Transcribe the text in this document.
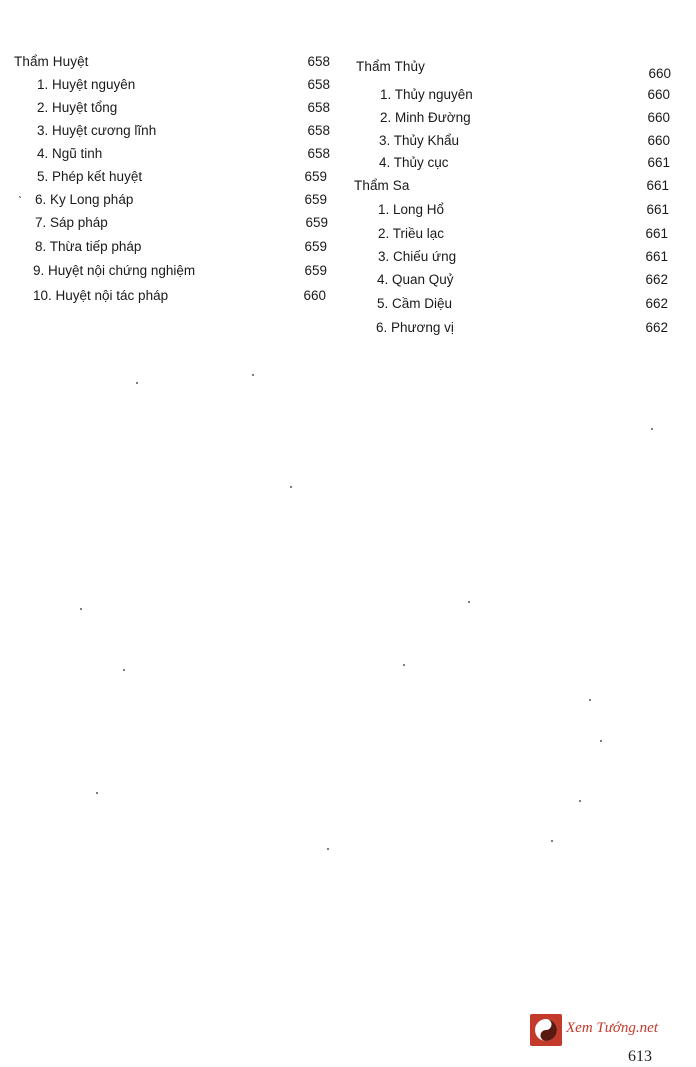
Thẩm Huyệt	658
1. Huyệt nguyên	658
2. Huyệt tổng	658
3. Huyệt cương lĩnh	658
4. Ngũ tinh	658
5. Phép kết huyệt	659
ˋ 6. Ky Long pháp	659
7. Sáp pháp	659
8. Thừa tiếp pháp	659
9. Huyệt nội chứng nghiệm	659
10. Huyệt nội tác pháp	660
Thẩm Thủy	660
1. Thủy nguyên	660
2. Minh Đường	660
3. Thủy Khẩu	660
4. Thủy cục	661
Thẩm Sa	661
1. Long Hổ	661
2. Triều lạc	661
3. Chiếu ứng	661
4. Quan Quỷ	662
5. Cầm Diệu	662
6. Phương vị	662
Xem Tướng.net
613
